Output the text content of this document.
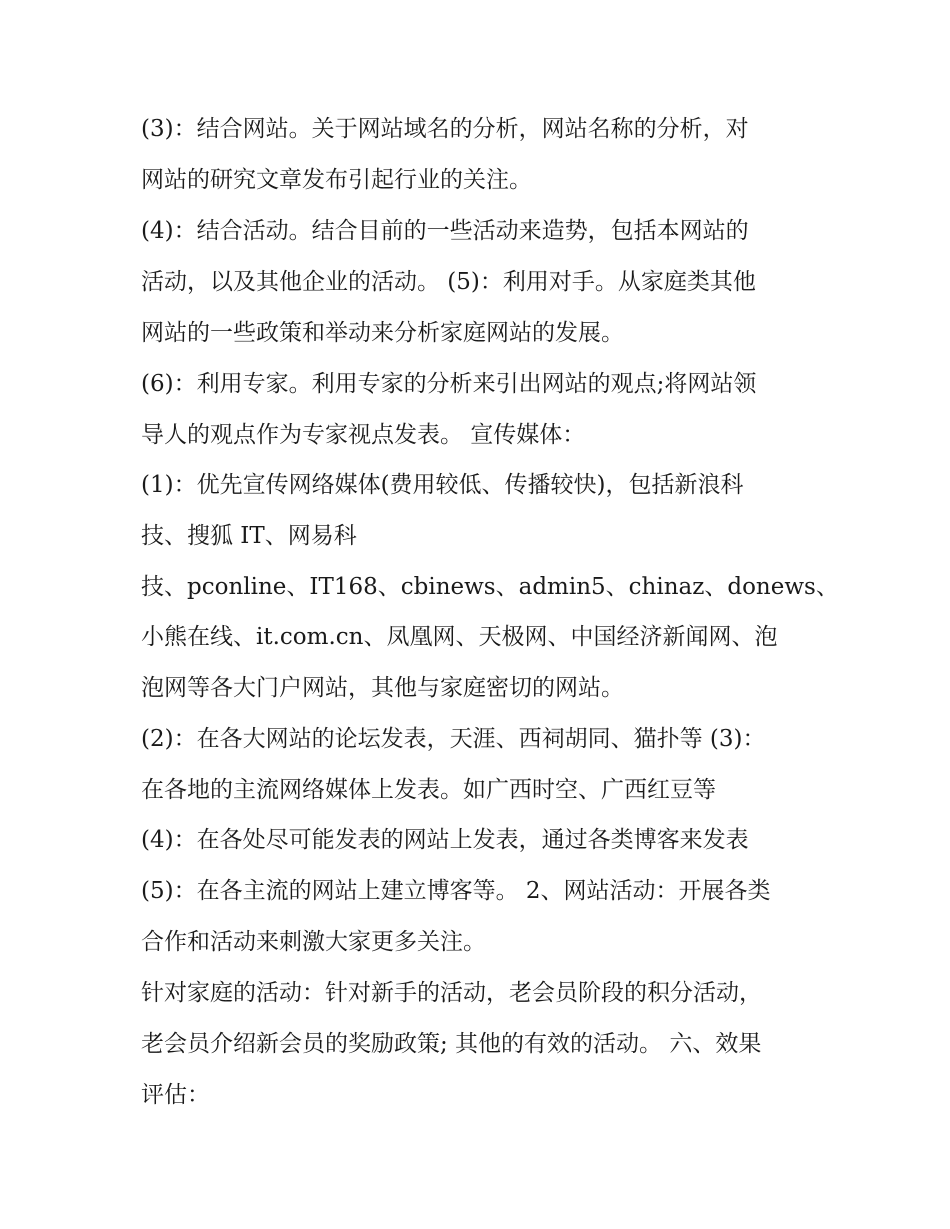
(3)：结合网站。关于网站域名的分析，网站名称的分析，对
网站的研究文章发布引起行业的关注。
(4)：结合活动。结合目前的一些活动来造势，包括本网站的
活动，以及其他企业的活动。 (5)：利用对手。从家庭类其他
网站的一些政策和举动来分析家庭网站的发展。
(6)：利用专家。利用专家的分析来引出网站的观点;将网站领
导人的观点作为专家视点发表。 宣传媒体：
(1)：优先宣传网络媒体(费用较低、传播较快)，包括新浪科
技、搜狐 IT、网易科
技、pconline、IT168、cbinews、admin5、chinaz、donews、
小熊在线、it.com.cn、凤凰网、天极网、中国经济新闻网、泡
泡网等各大门户网站，其他与家庭密切的网站。
(2)：在各大网站的论坛发表，天涯、西祠胡同、猫扑等 (3)：
在各地的主流网络媒体上发表。如广西时空、广西红豆等
(4)：在各处尽可能发表的网站上发表，通过各类博客来发表
(5)：在各主流的网站上建立博客等。 2、网站活动：开展各类
合作和活动来刺激大家更多关注。
针对家庭的活动：针对新手的活动，老会员阶段的积分活动，
老会员介绍新会员的奖励政策; 其他的有效的活动。 六、效果
评估：
